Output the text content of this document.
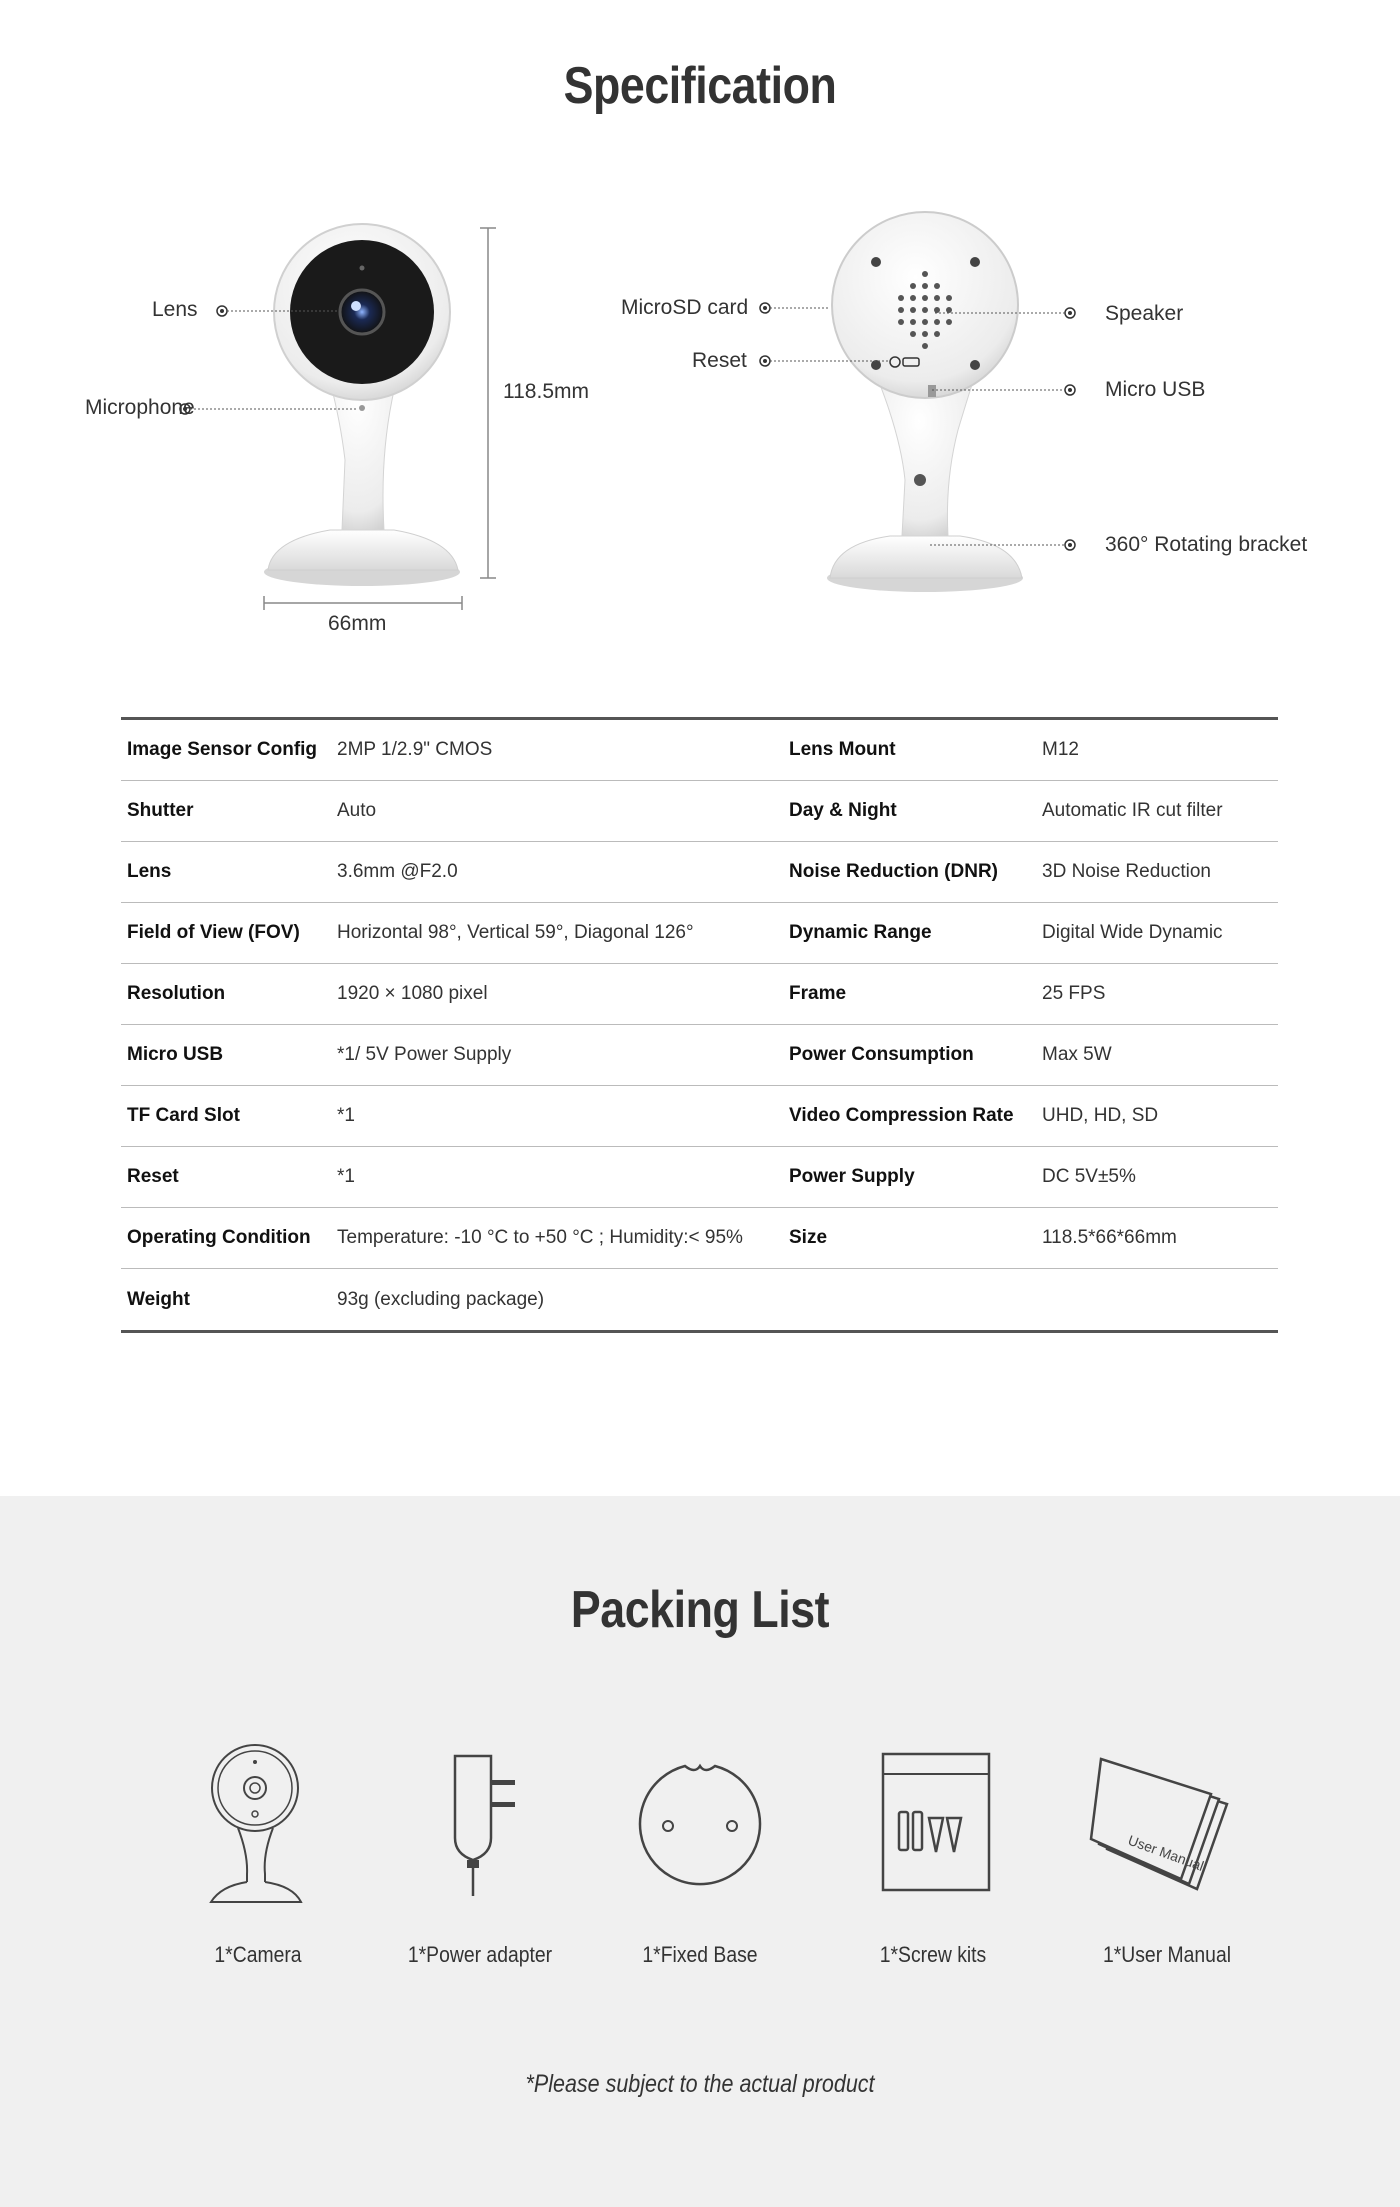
Specification
Lens
Microphone
118.5mm
66mm
MicroSD card
Reset
Speaker
Micro USB
360° Rotating bracket
Image Sensor Config	2MP 1/2.9" CMOS	Lens Mount	M12
Shutter	Auto	Day & Night	Automatic IR cut filter
Lens	3.6mm @F2.0	Noise Reduction (DNR)	3D Noise Reduction
Field of View (FOV)	Horizontal 98°, Vertical 59°, Diagonal 126°	Dynamic Range	Digital Wide Dynamic
Resolution	1920 × 1080 pixel	Frame	25 FPS
Micro USB	*1/ 5V Power Supply	Power Consumption	Max 5W
TF Card Slot	*1	Video Compression Rate	UHD, HD, SD
Reset	*1	Power Supply	DC 5V±5%
Operating Condition	Temperature: -10 °C to +50 °C ; Humidity:< 95%	Size	118.5*66*66mm
Weight	93g (excluding package)
Packing List
1*Camera	1*Power adapter	1*Fixed Base	1*Screw kits
User Manual
1*User Manual
*Please subject to the actual product
